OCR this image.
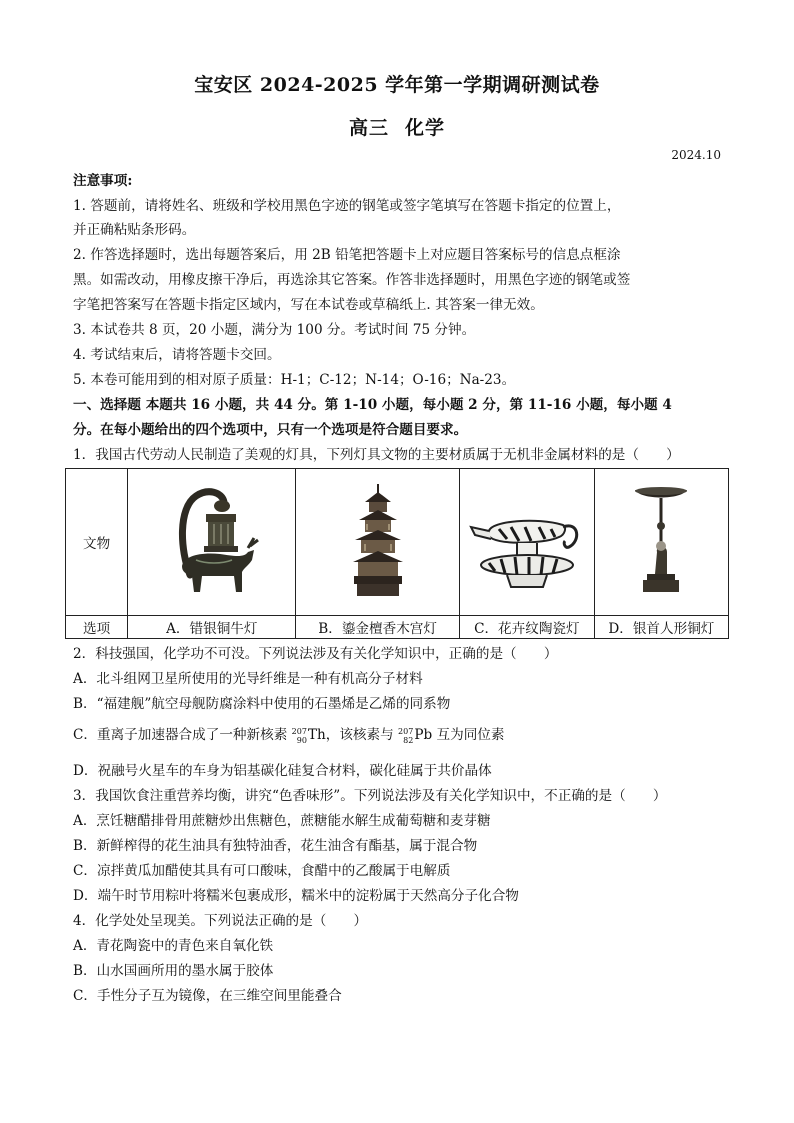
宝安区 2024-2025 学年第一学期调研测试卷
高三 化学
2024.10
注意事项:
1. 答题前，请将姓名、班级和学校用黑色字迹的钢笔或签字笔填写在答题卡指定的位置上，
并正确粘贴条形码。
2. 作答选择题时，选出每题答案后，用 2B 铅笔把答题卡上对应题目答案标号的信息点框涂
黑。如需改动，用橡皮擦干净后，再选涂其它答案。作答非选择题时，用黑色字迹的钢笔或签
字笔把答案写在答题卡指定区域内，写在本试卷或草稿纸上. 其答案一律无效。
3. 本试卷共 8 页，20 小题，满分为 100 分。考试时间 75 分钟。
4. 考试结束后，请将答题卡交回。
5. 本卷可能用到的相对原子质量：H-1；C-12；N-14；O-16；Na-23。
一、选择题 本题共 16 小题，共 44 分。第 1-10 小题，每小题 2 分，第 11-16 小题，每小题 4
分。在每小题给出的四个选项中，只有一个选项是符合题目要求。
1．我国古代劳动人民制造了美观的灯具，下列灯具文物的主要材质属于无机非金属材料的是（　　）
文物	

选项	A．错银铜牛灯	B．鎏金檀香木宫灯	C．花卉纹陶瓷灯	D．银首人形铜灯
2．科技强国，化学功不可没。下列说法涉及有关化学知识中，正确的是（　　）
A．北斗组网卫星所使用的光导纤维是一种有机高分子材料
B．“福建舰”航空母舰防腐涂料中使用的石墨烯是乙烯的同系物
C．重离子加速器合成了一种新核素 207
90Th，该核素与 207
82Pb 互为同位素
D．祝融号火星车的车身为铝基碳化硅复合材料，碳化硅属于共价晶体
3．我国饮食注重营养均衡，讲究“色香味形”。下列说法涉及有关化学知识中，不正确的是（　　）
A．烹饪糖醋排骨用蔗糖炒出焦糖色，蔗糖能水解生成葡萄糖和麦芽糖
B．新鲜榨得的花生油具有独特油香，花生油含有酯基，属于混合物
C．凉拌黄瓜加醋使其具有可口酸味，食醋中的乙酸属于电解质
D．端午时节用粽叶将糯米包裹成形，糯米中的淀粉属于天然高分子化合物
4．化学处处呈现美。下列说法正确的是（　　）
A．青花陶瓷中的青色来自氧化铁
B．山水国画所用的墨水属于胶体
C．手性分子互为镜像，在三维空间里能叠合
